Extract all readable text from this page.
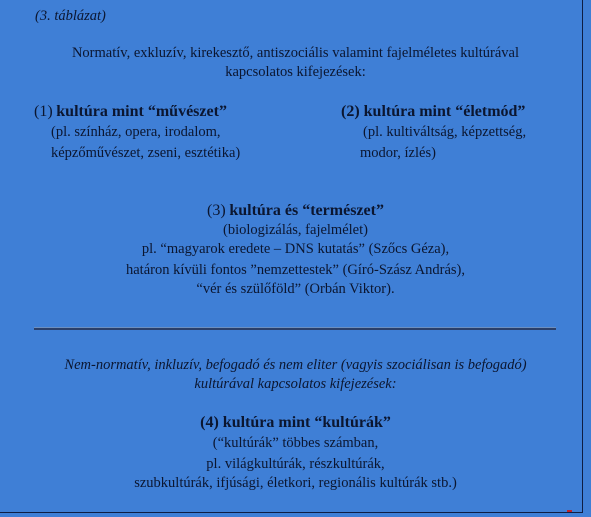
(3. táblázat)
Normatív, exkluzív, kirekesztő, antiszociális valamint fajelméletes kultúrával
kapcsolatos kifejezések:
(1) kultúra mint “művészet”
(pl. színház, opera, irodalom,
képzőművészet, zseni, esztétika)
(2) kultúra mint “életmód”
(pl. kultiváltság, képzettség,
modor, ízlés)
(3) kultúra és “természet”
(biologizálás, fajelmélet)
pl. “magyarok eredete – DNS kutatás” (Szőcs Géza),
határon kívüli fontos ”nemzettestek” (Gíró-Szász András),
“vér és szülőföld” (Orbán Viktor).
Nem-normatív, inkluzív, befogadó és nem eliter (vagyis szociálisan is befogadó)
kultúrával kapcsolatos kifejezések:
(4) kultúra mint “kultúrák”
(“kultúrák” többes számban,
pl. világkultúrák, részkultúrák,
szubkultúrák, ifjúsági, életkori, regionális kultúrák stb.)
